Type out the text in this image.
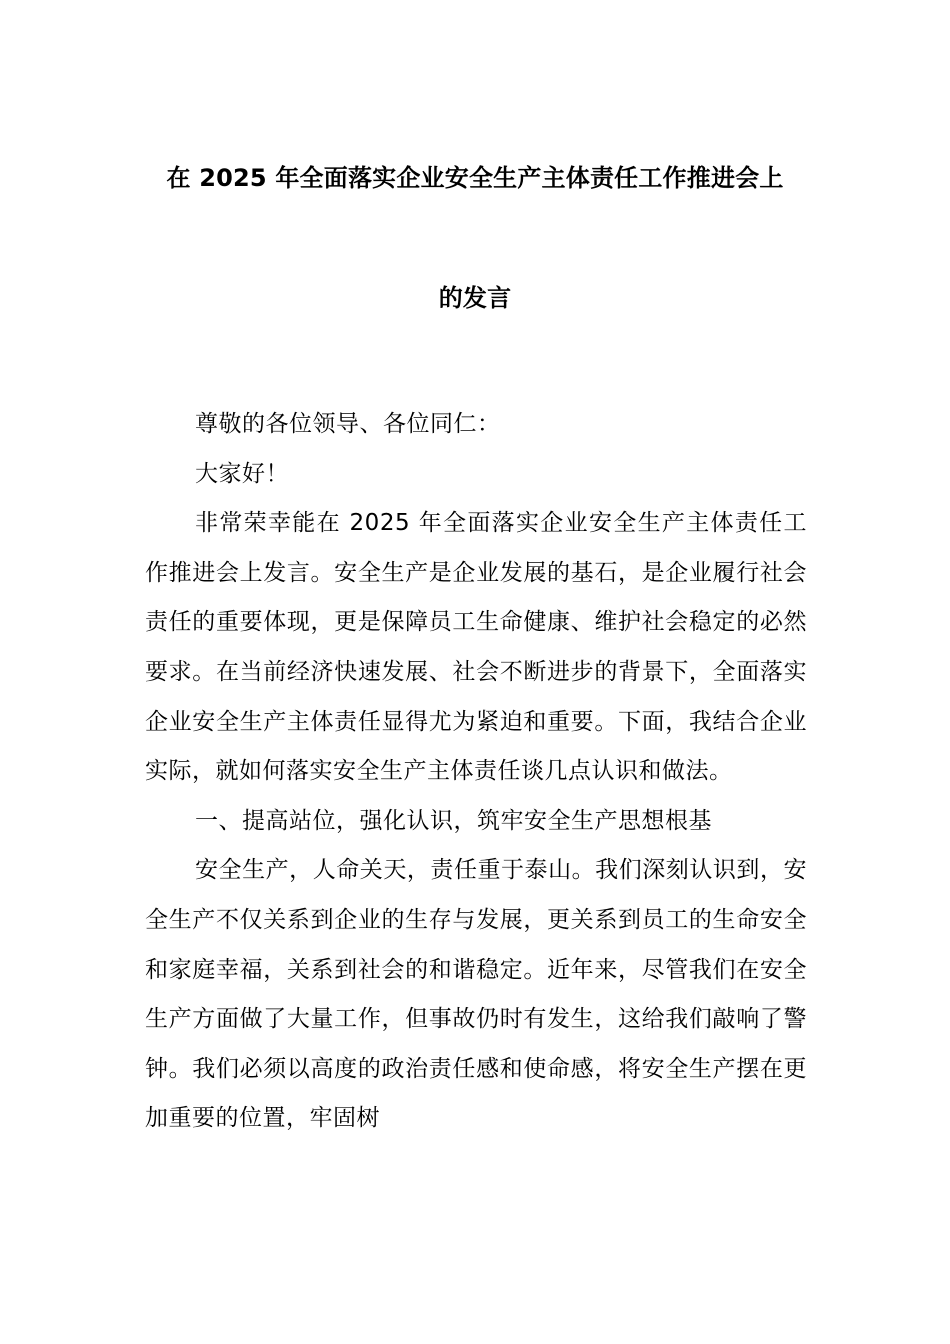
在 2025 年全面落实企业安全生产主体责任工作推进会上
的发言

尊敬的各位领导、各位同仁：

大家好！

非常荣幸能在 2025 年全面落实企业安全生产主体责任工作推进会上发言。安全生产是企业发展的基石，是企业履行社会责任的重要体现，更是保障员工生命健康、维护社会稳定的必然要求。在当前经济快速发展、社会不断进步的背景下，全面落实企业安全生产主体责任显得尤为紧迫和重要。下面，我结合企业实际，就如何落实安全生产主体责任谈几点认识和做法。

一、提高站位，强化认识，筑牢安全生产思想根基

安全生产，人命关天，责任重于泰山。我们深刻认识到，安全生产不仅关系到企业的生存与发展，更关系到员工的生命安全和家庭幸福，关系到社会的和谐稳定。近年来，尽管我们在安全生产方面做了大量工作，但事故仍时有发生，这给我们敲响了警钟。我们必须以高度的政治责任感和使命感，将安全生产摆在更加重要的位置，牢固树
